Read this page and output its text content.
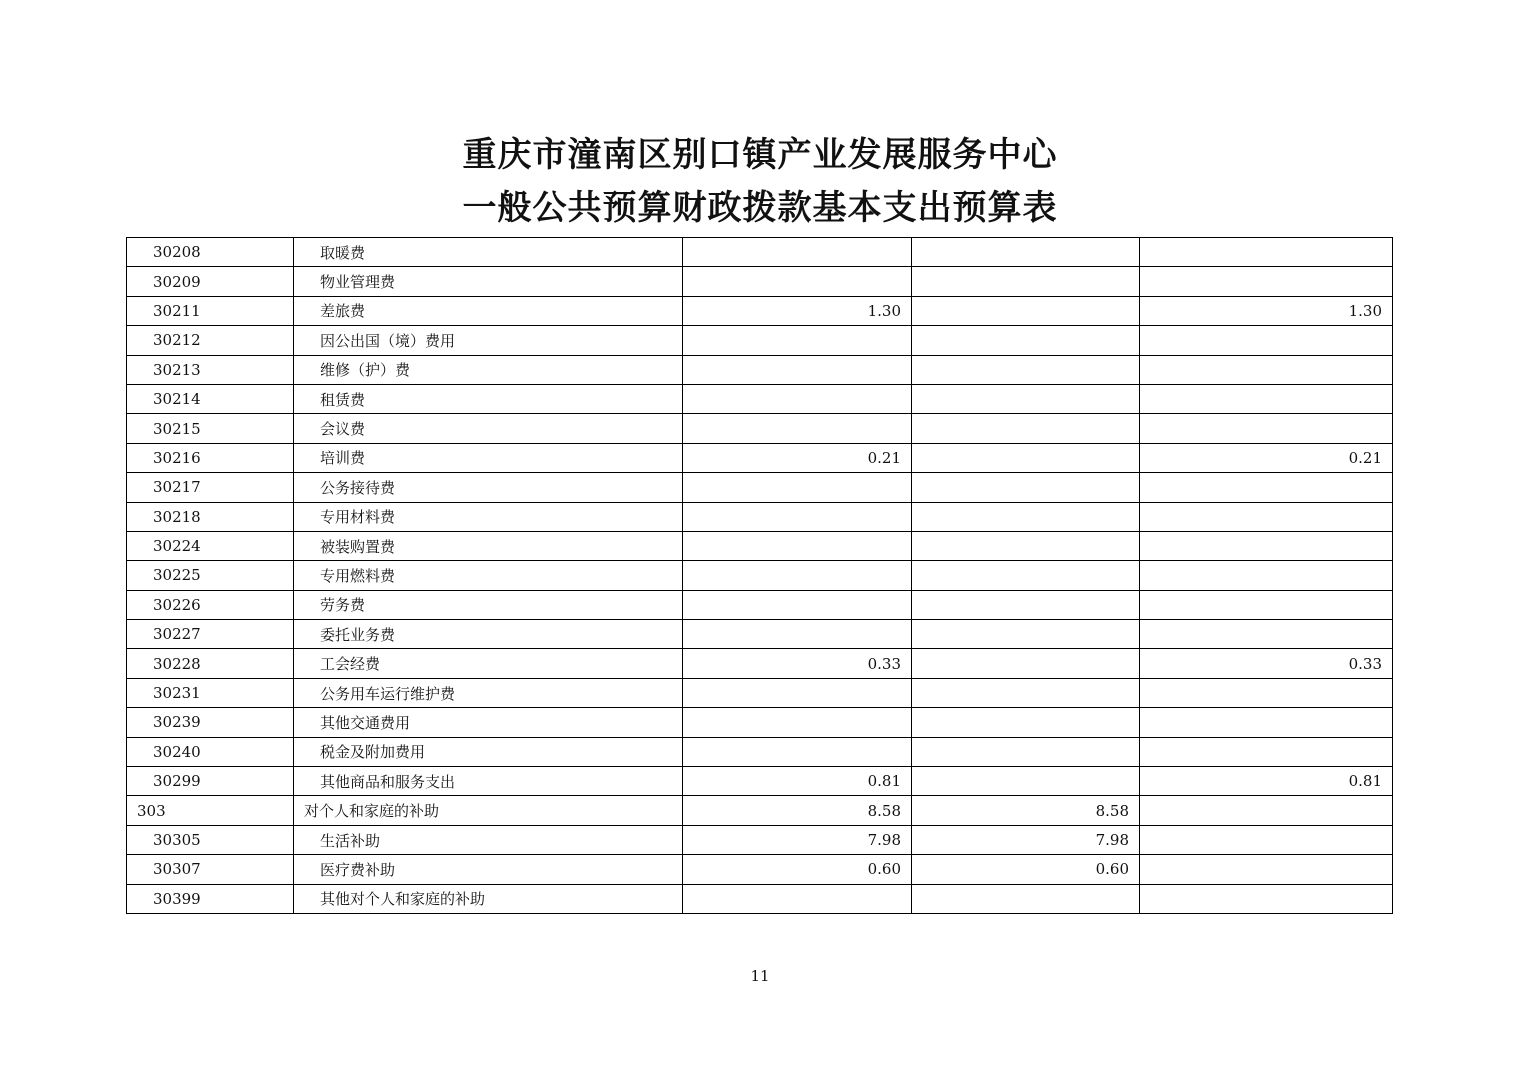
重庆市潼南区别口镇产业发展服务中心
一般公共预算财政拨款基本支出预算表
30208	取暖费			
30209	物业管理费			
30211	差旅费	1.30		1.30
30212	因公出国（境）费用			
30213	维修（护）费			
30214	租赁费			
30215	会议费			
30216	培训费	0.21		0.21
30217	公务接待费			
30218	专用材料费			
30224	被装购置费			
30225	专用燃料费			
30226	劳务费			
30227	委托业务费			
30228	工会经费	0.33		0.33
30231	公务用车运行维护费			
30239	其他交通费用			
30240	税金及附加费用			
30299	其他商品和服务支出	0.81		0.81
303	对个人和家庭的补助	8.58	8.58	
30305	生活补助	7.98	7.98	
30307	医疗费补助	0.60	0.60	
30399	其他对个人和家庭的补助			
11
